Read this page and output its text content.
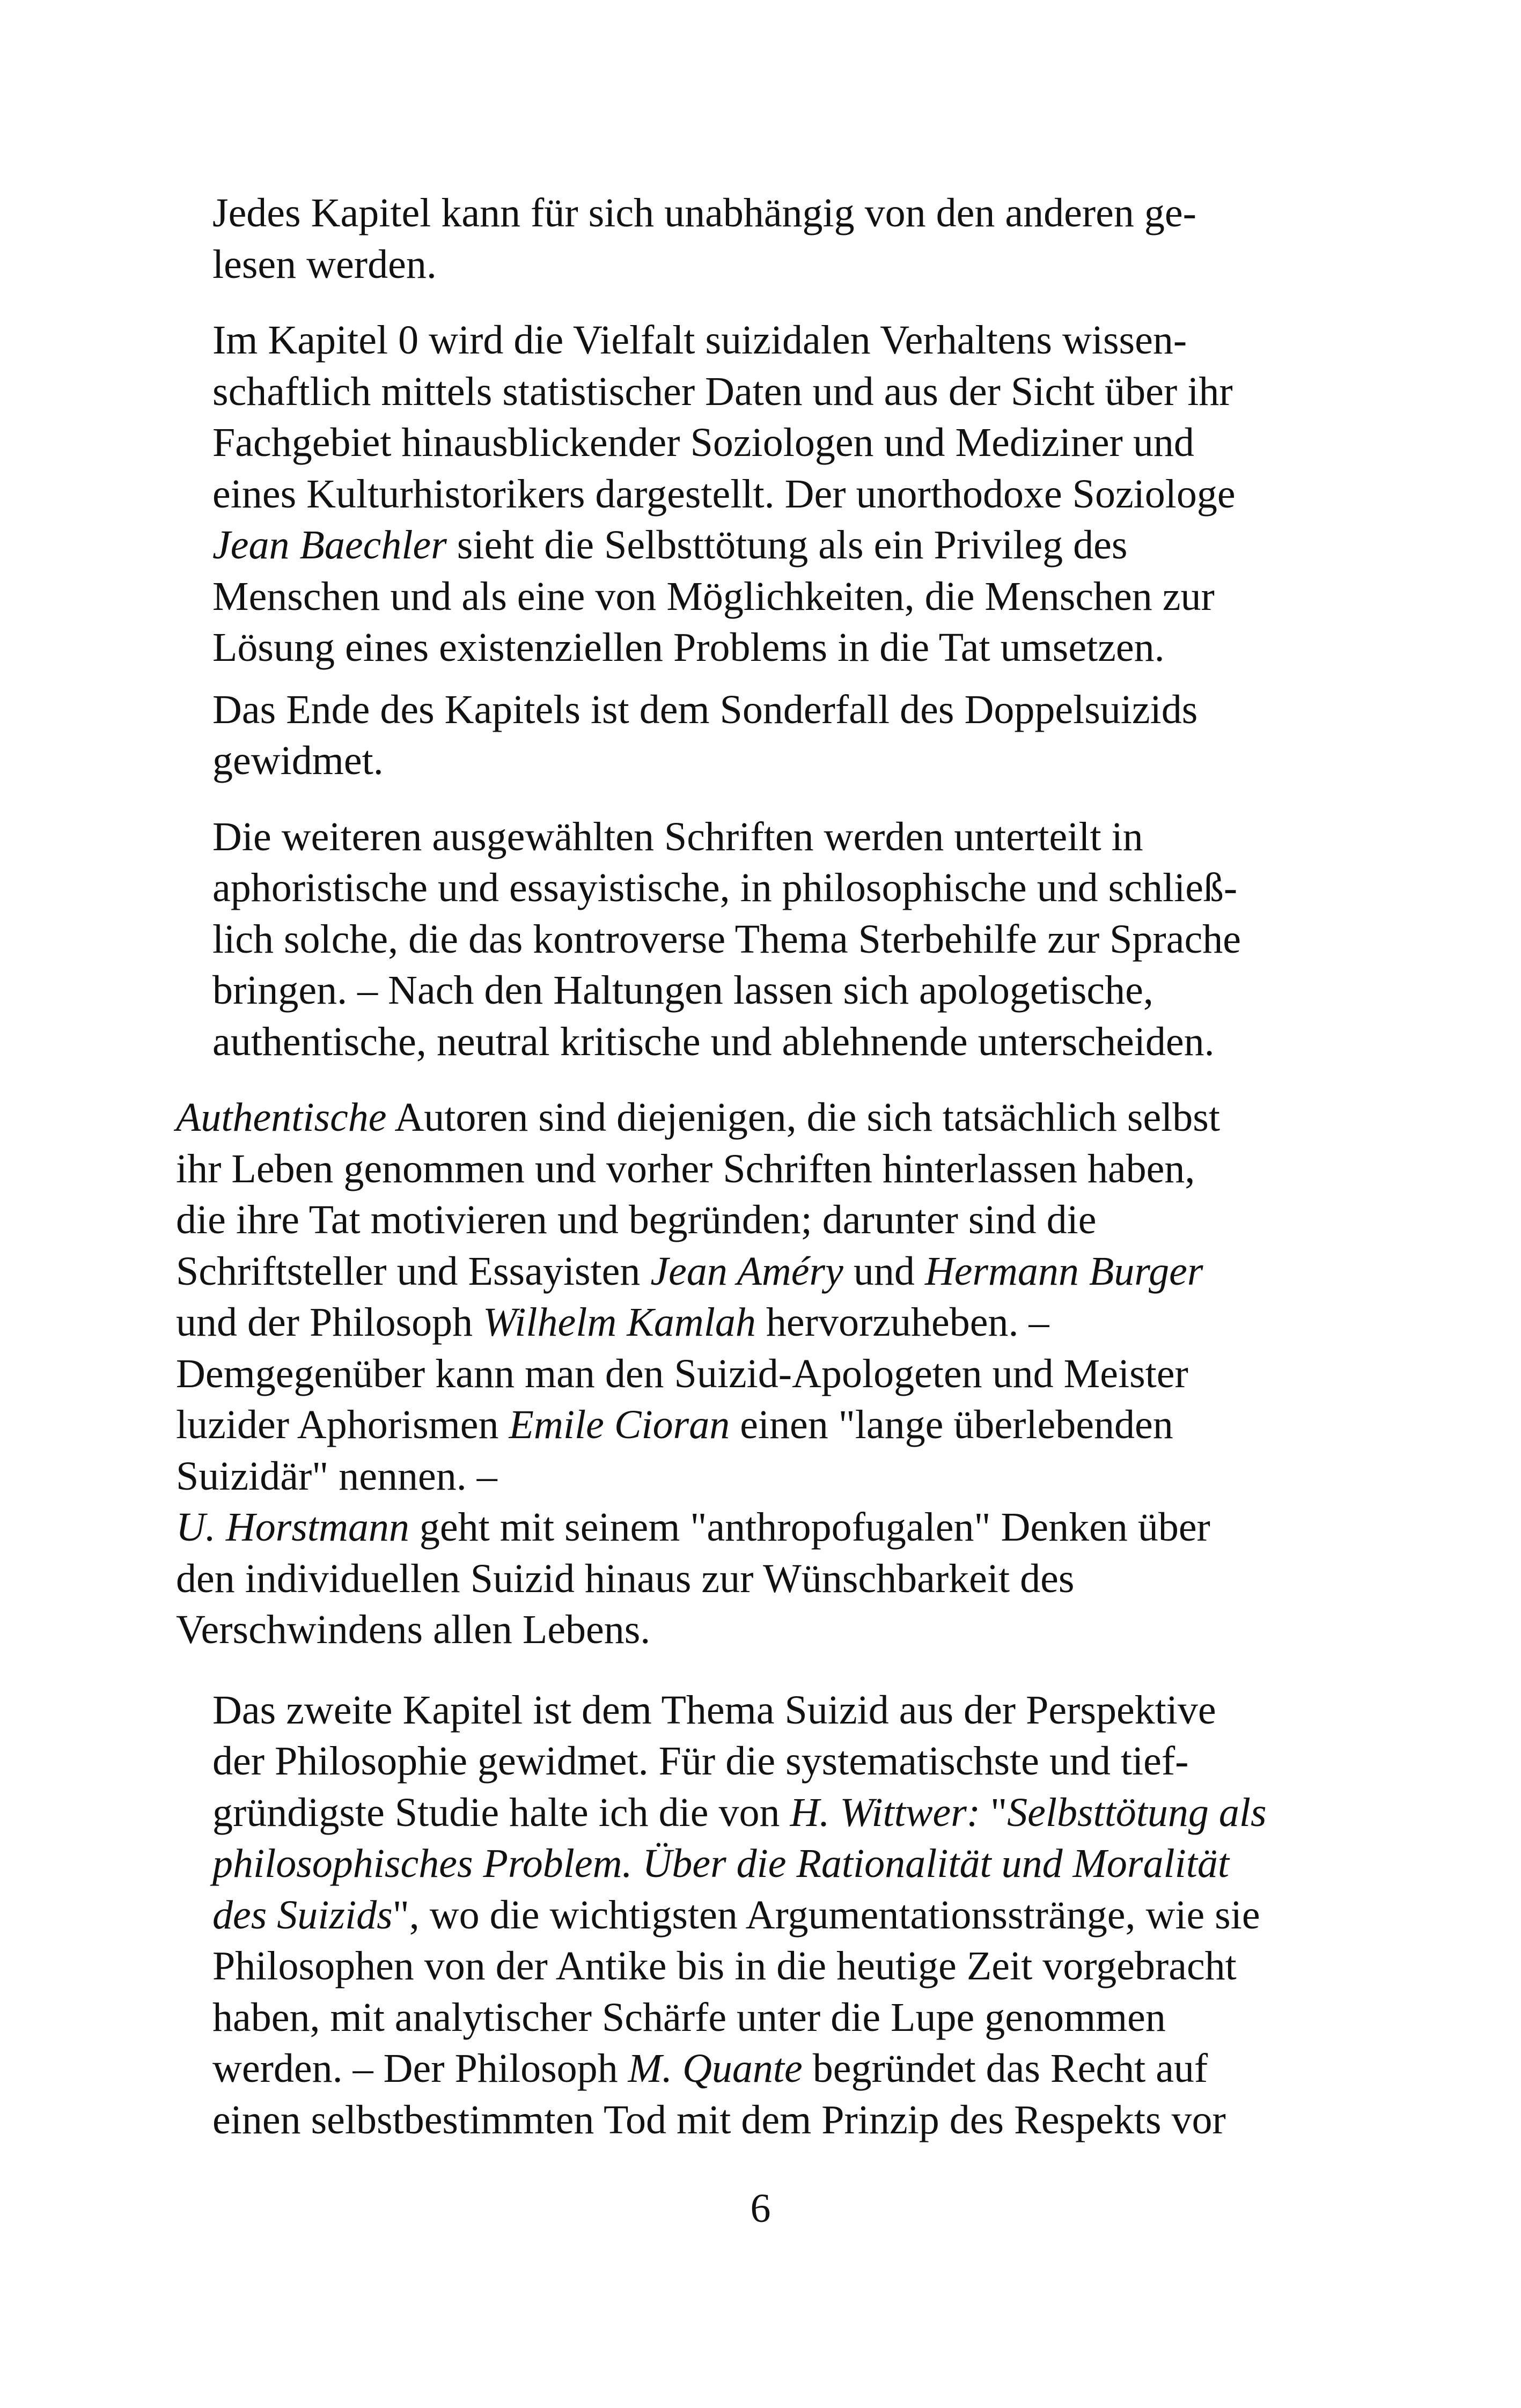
Jedes Kapitel kann für sich unabhängig von den anderen ge-
lesen werden.

Im Kapitel 0 wird die Vielfalt suizidalen Verhaltens wissen-
schaftlich mittels statistischer Daten und aus der Sicht über ihr
Fachgebiet hinausblickender Soziologen und Mediziner und
eines Kulturhistorikers dargestellt. Der unorthodoxe Soziologe
Jean Baechler sieht die Selbsttötung als ein Privileg des
Menschen und als eine von Möglichkeiten, die Menschen zur
Lösung eines existenziellen Problems in die Tat umsetzen.

Das Ende des Kapitels ist dem Sonderfall des Doppelsuizids
gewidmet.

Die weiteren ausgewählten Schriften werden unterteilt in
aphoristische und essayistische, in philosophische und schließ-
lich solche, die das kontroverse Thema Sterbehilfe zur Sprache
bringen. – Nach den Haltungen lassen sich apologetische,
authentische, neutral kritische und ablehnende unterscheiden.

Authentische Autoren sind diejenigen, die sich tatsächlich selbst
ihr Leben genommen und vorher Schriften hinterlassen haben,
die ihre Tat motivieren und begründen; darunter sind die
Schriftsteller und Essayisten Jean Améry und Hermann Burger
und der Philosoph Wilhelm Kamlah hervorzuheben. –

Demgegenüber kann man den Suizid-Apologeten und Meister
luzider Aphorismen Emile Cioran einen "lange überlebenden
Suizidär" nennen. –

U. Horstmann geht mit seinem "anthropofugalen" Denken über
den individuellen Suizid hinaus zur Wünschbarkeit des
Verschwindens allen Lebens.

Das zweite Kapitel ist dem Thema Suizid aus der Perspektive
der Philosophie gewidmet. Für die systematischste und tief-
gründigste Studie halte ich die von H. Wittwer: "Selbsttötung als
philosophisches Problem. Über die Rationalität und Moralität
des Suizids", wo die wichtigsten Argumentationsstränge, wie sie
Philosophen von der Antike bis in die heutige Zeit vorgebracht
haben, mit analytischer Schärfe unter die Lupe genommen
werden. – Der Philosoph M. Quante begründet das Recht auf
einen selbstbestimmten Tod mit dem Prinzip des Respekts vor

6
